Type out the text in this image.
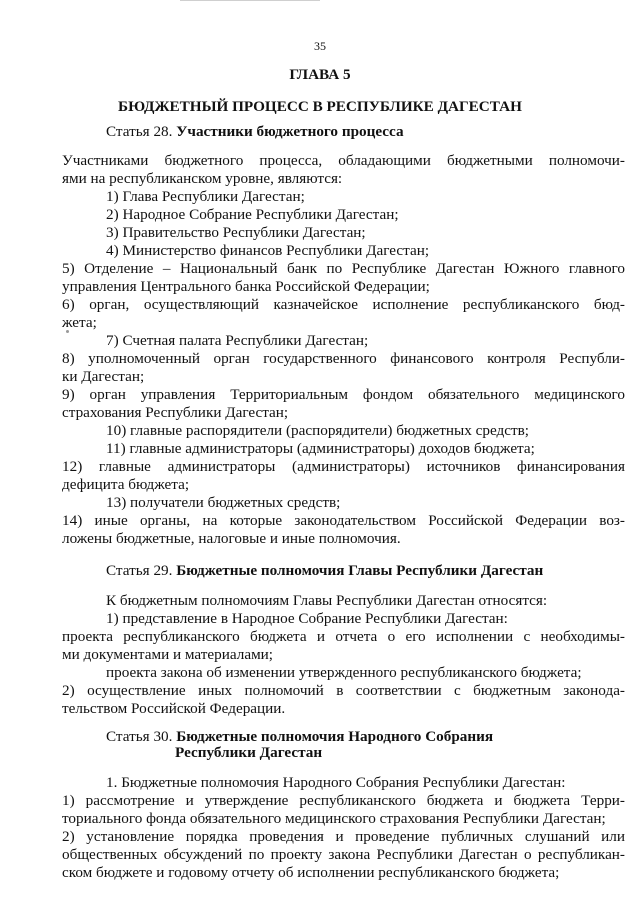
35

ГЛАВА 5

БЮДЖЕТНЫЙ ПРОЦЕСС В РЕСПУБЛИКЕ ДАГЕСТАН

Статья 28. Участники бюджетного процесса

Участниками бюджетного процесса, обладающими бюджетными полномочи-

ями на республиканском уровне, являются:

1) Глава Республики Дагестан;

2) Народное Собрание Республики Дагестан;

3) Правительство Республики Дагестан;

4) Министерство финансов Республики Дагестан;

5) Отделение – Национальный банк по Республике Дагестан Южного главного

управления Центрального банка Российской Федерации;

6) орган, осуществляющий казначейское исполнение республиканского бюд-

жета;

7) Счетная палата Республики Дагестан;

8) уполномоченный орган государственного финансового контроля Республи-

ки Дагестан;

9) орган управления Территориальным фондом обязательного медицинского

страхования Республики Дагестан;

10) главные распорядители (распорядители) бюджетных средств;

11) главные администраторы (администраторы) доходов бюджета;

12) главные администраторы (администраторы) источников финансирования

дефицита бюджета;

13) получатели бюджетных средств;

14) иные органы, на которые законодательством Российской Федерации воз-

ложены бюджетные, налоговые и иные полномочия.

Статья 29. Бюджетные полномочия Главы Республики Дагестан

К бюджетным полномочиям Главы Республики Дагестан относятся:

1) представление в Народное Собрание Республики Дагестан:

проекта республиканского бюджета и отчета о его исполнении с необходимы-

ми документами и материалами;

проекта закона об изменении утвержденного республиканского бюджета;

2) осуществление иных полномочий в соответствии с бюджетным законода-

тельством Российской Федерации.

Статья 30. Бюджетные полномочия Народного Собрания

Республики Дагестан

1. Бюджетные полномочия Народного Собрания Республики Дагестан:

1) рассмотрение и утверждение республиканского бюджета и бюджета Терри-

ториального фонда обязательного медицинского страхования Республики Дагестан;

2) установление порядка проведения и проведение публичных слушаний или

общественных обсуждений по проекту закона Республики Дагестан о республикан-

ском бюджете и годовому отчету об исполнении республиканского бюджета;
